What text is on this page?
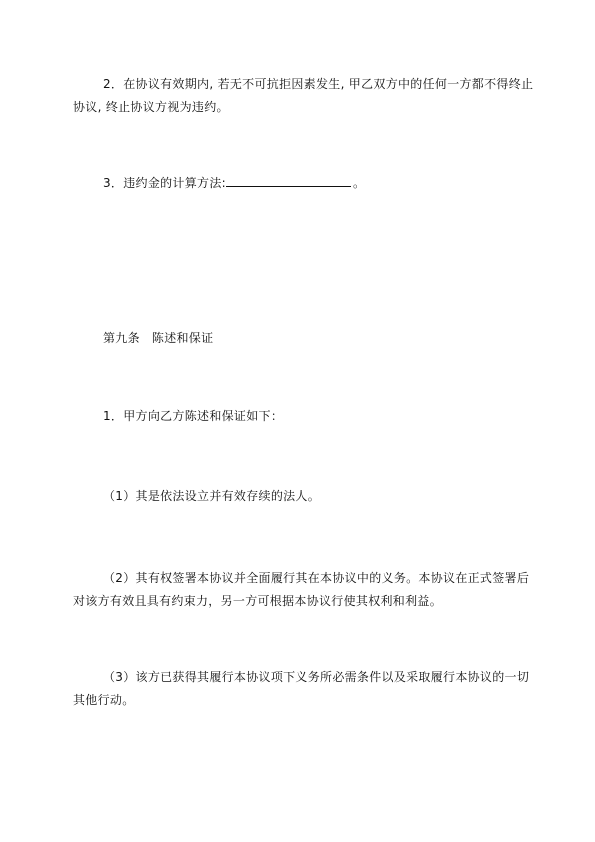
2．在协议有效期内, 若无不可抗拒因素发生, 甲乙双方中的任何一方都不得终止
协议, 终止协议方视为违约。
3．违约金的计算方法:	。
第九条 陈述和保证
1．甲方向乙方陈述和保证如下：
（1）其是依法设立并有效存续的法人。
（2）其有权签署本协议并全面履行其在本协议中的义务。本协议在正式签署后
对该方有效且具有约束力，另一方可根据本协议行使其权利和利益。
（3）该方已获得其履行本协议项下义务所必需条件以及采取履行本协议的一切
其他行动。
